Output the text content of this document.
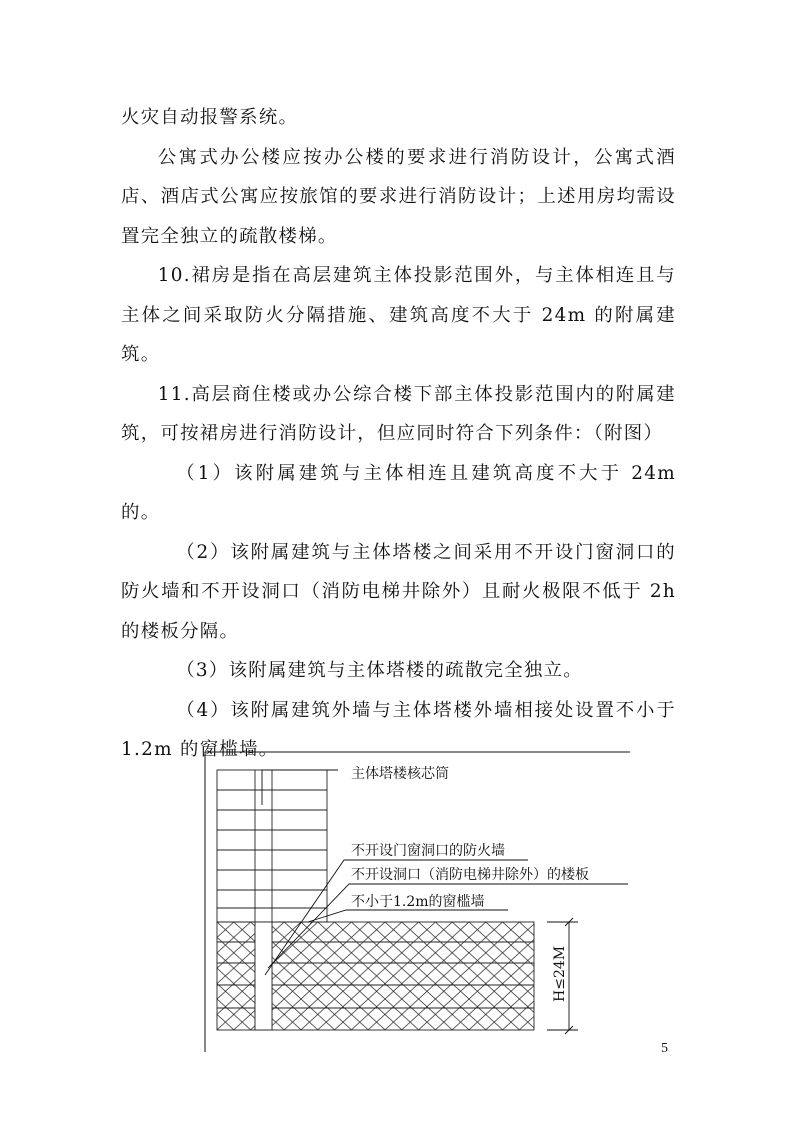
火灾自动报警系统。

公寓式办公楼应按办公楼的要求进行消防设计，公寓式酒店、酒店式公寓应按旅馆的要求进行消防设计；上述用房均需设置完全独立的疏散楼梯。

10.裙房是指在高层建筑主体投影范围外，与主体相连且与主体之间采取防火分隔措施、建筑高度不大于 24m 的附属建筑。

11.高层商住楼或办公综合楼下部主体投影范围内的附属建筑，可按裙房进行消防设计，但应同时符合下列条件：（附图）

（1）该附属建筑与主体相连且建筑高度不大于 24m 的。

（2）该附属建筑与主体塔楼之间采用不开设门窗洞口的防火墙和不开设洞口（消防电梯井除外）且耐火极限不低于 2h 的楼板分隔。

（3）该附属建筑与主体塔楼的疏散完全独立。

（4）该附属建筑外墙与主体塔楼外墙相接处设置不小于 1.2m 的窗槛墙。

主体塔楼核芯筒
不开设门窗洞口的防火墙
不开设洞口（消防电梯井除外）的楼板
不小于1.2m的窗槛墙
H≤24M
5
